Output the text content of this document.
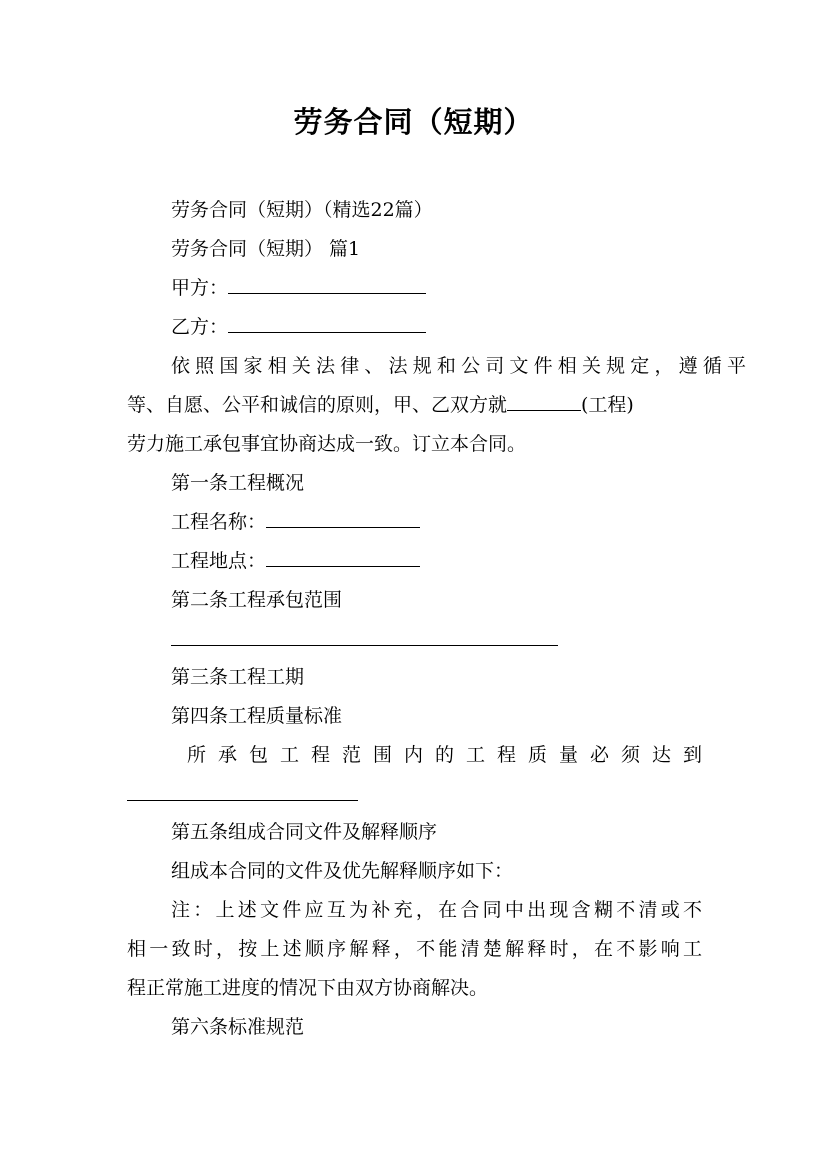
劳务合同（短期）
劳务合同（短期）（精选22篇）
劳务合同（短期） 篇1
甲方：
乙方：
依照国家相关法律、法规和公司文件相关规定，遵循平
等、自愿、公平和诚信的原则，甲、乙双方就	(工程)
劳力施工承包事宜协商达成一致。订立本合同。
第一条工程概况
工程名称：
工程地点：
第二条工程承包范围
第三条工程工期
第四条工程质量标准
所承包工程范围内的工程质量必须达到
第五条组成合同文件及解释顺序
组成本合同的文件及优先解释顺序如下：
注：上述文件应互为补充，在合同中出现含糊不清或不
相一致时，按上述顺序解释，不能清楚解释时，在不影响工
程正常施工进度的情况下由双方协商解决。
第六条标准规范
